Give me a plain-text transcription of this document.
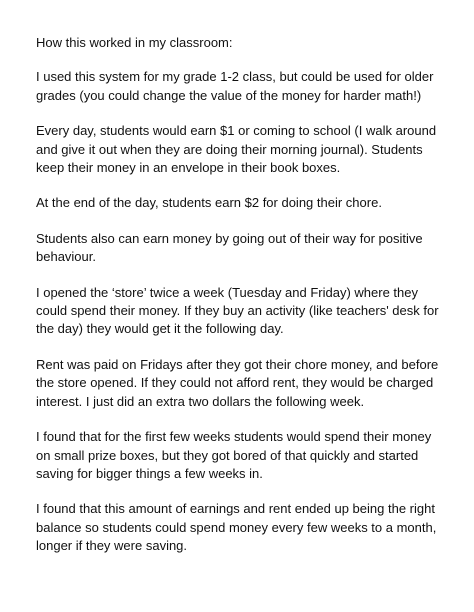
How this worked in my classroom:

I used this system for my grade 1-2 class, but could be used for older grades (you could change the value of the money for harder math!)

Every day, students would earn $1 or coming to school (I walk around and give it out when they are doing their morning journal). Students keep their money in an envelope in their book boxes.

At the end of the day, students earn $2 for doing their chore.

Students also can earn money by going out of their way for positive behaviour.

I opened the ‘store’ twice a week (Tuesday and Friday) where they could spend their money. If they buy an activity (like teachers' desk for the day) they would get it the following day.

Rent was paid on Fridays after they got their chore money, and before the store opened. If they could not afford rent, they would be charged interest. I just did an extra two dollars the following week.

I found that for the first few weeks students would spend their money on small prize boxes, but they got bored of that quickly and started saving for bigger things a few weeks in.

I found that this amount of earnings and rent ended up being the right balance so students could spend money every few weeks to a month, longer if they were saving.
